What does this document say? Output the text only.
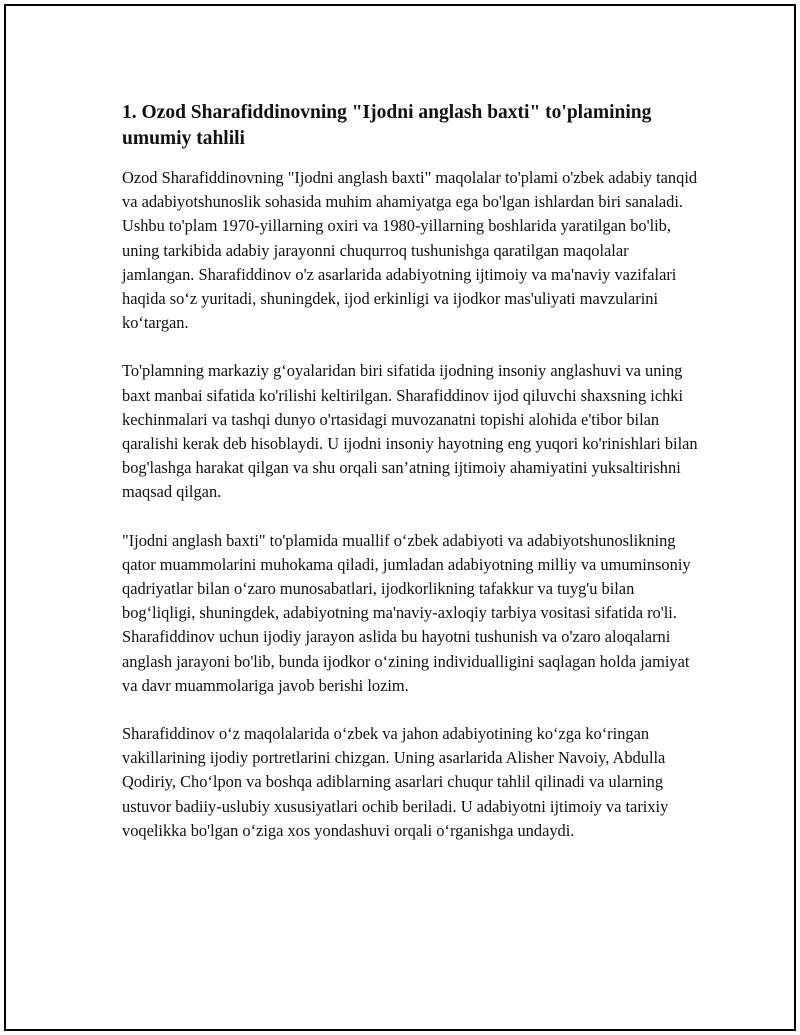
1. Ozod Sharafiddinovning "Ijodni anglash baxti" to'plamining umumiy tahlili

Ozod Sharafiddinovning "Ijodni anglash baxti" maqolalar to'plami o'zbek adabiy tanqid va adabiyotshunoslik sohasida muhim ahamiyatga ega bo'lgan ishlardan biri sanaladi. Ushbu to'plam 1970-yillarning oxiri va 1980-yillarning boshlarida yaratilgan bo'lib, uning tarkibida adabiy jarayonni chuqurroq tushunishga qaratilgan maqolalar jamlangan. Sharafiddinov o'z asarlarida adabiyotning ijtimoiy va ma'naviy vazifalari haqida so‘z yuritadi, shuningdek, ijod erkinligi va ijodkor mas'uliyati mavzularini ko‘targan.

To'plamning markaziy g‘oyalaridan biri sifatida ijodning insoniy anglashuvi va uning baxt manbai sifatida ko'rilishi keltirilgan. Sharafiddinov ijod qiluvchi shaxsning ichki kechinmalari va tashqi dunyo o'rtasidagi muvozanatni topishi alohida e'tibor bilan qaralishi kerak deb hisoblaydi. U ijodni insoniy hayotning eng yuqori ko'rinishlari bilan bog'lashga harakat qilgan va shu orqali san’atning ijtimoiy ahamiyatini yuksaltirishni maqsad qilgan.

"Ijodni anglash baxti" to'plamida muallif o‘zbek adabiyoti va adabiyotshunoslikning qator muammolarini muhokama qiladi, jumladan adabiyotning milliy va umuminsoniy qadriyatlar bilan o‘zaro munosabatlari, ijodkorlikning tafakkur va tuyg'u bilan bog‘liqligi, shuningdek, adabiyotning ma'naviy-axloqiy tarbiya vositasi sifatida ro'li. Sharafiddinov uchun ijodiy jarayon aslida bu hayotni tushunish va o'zaro aloqalarni anglash jarayoni bo'lib, bunda ijodkor o‘zining individualligini saqlagan holda jamiyat va davr muammolariga javob berishi lozim.

Sharafiddinov o‘z maqolalarida o‘zbek va jahon adabiyotining ko‘zga ko‘ringan vakillarining ijodiy portretlarini chizgan. Uning asarlarida Alisher Navoiy, Abdulla Qodiriy, Cho‘lpon va boshqa adiblarning asarlari chuqur tahlil qilinadi va ularning ustuvor badiiy-uslubiy xususiyatlari ochib beriladi. U adabiyotni ijtimoiy va tarixiy voqelikka bo'lgan o‘ziga xos yondashuvi orqali o‘rganishga undaydi.
